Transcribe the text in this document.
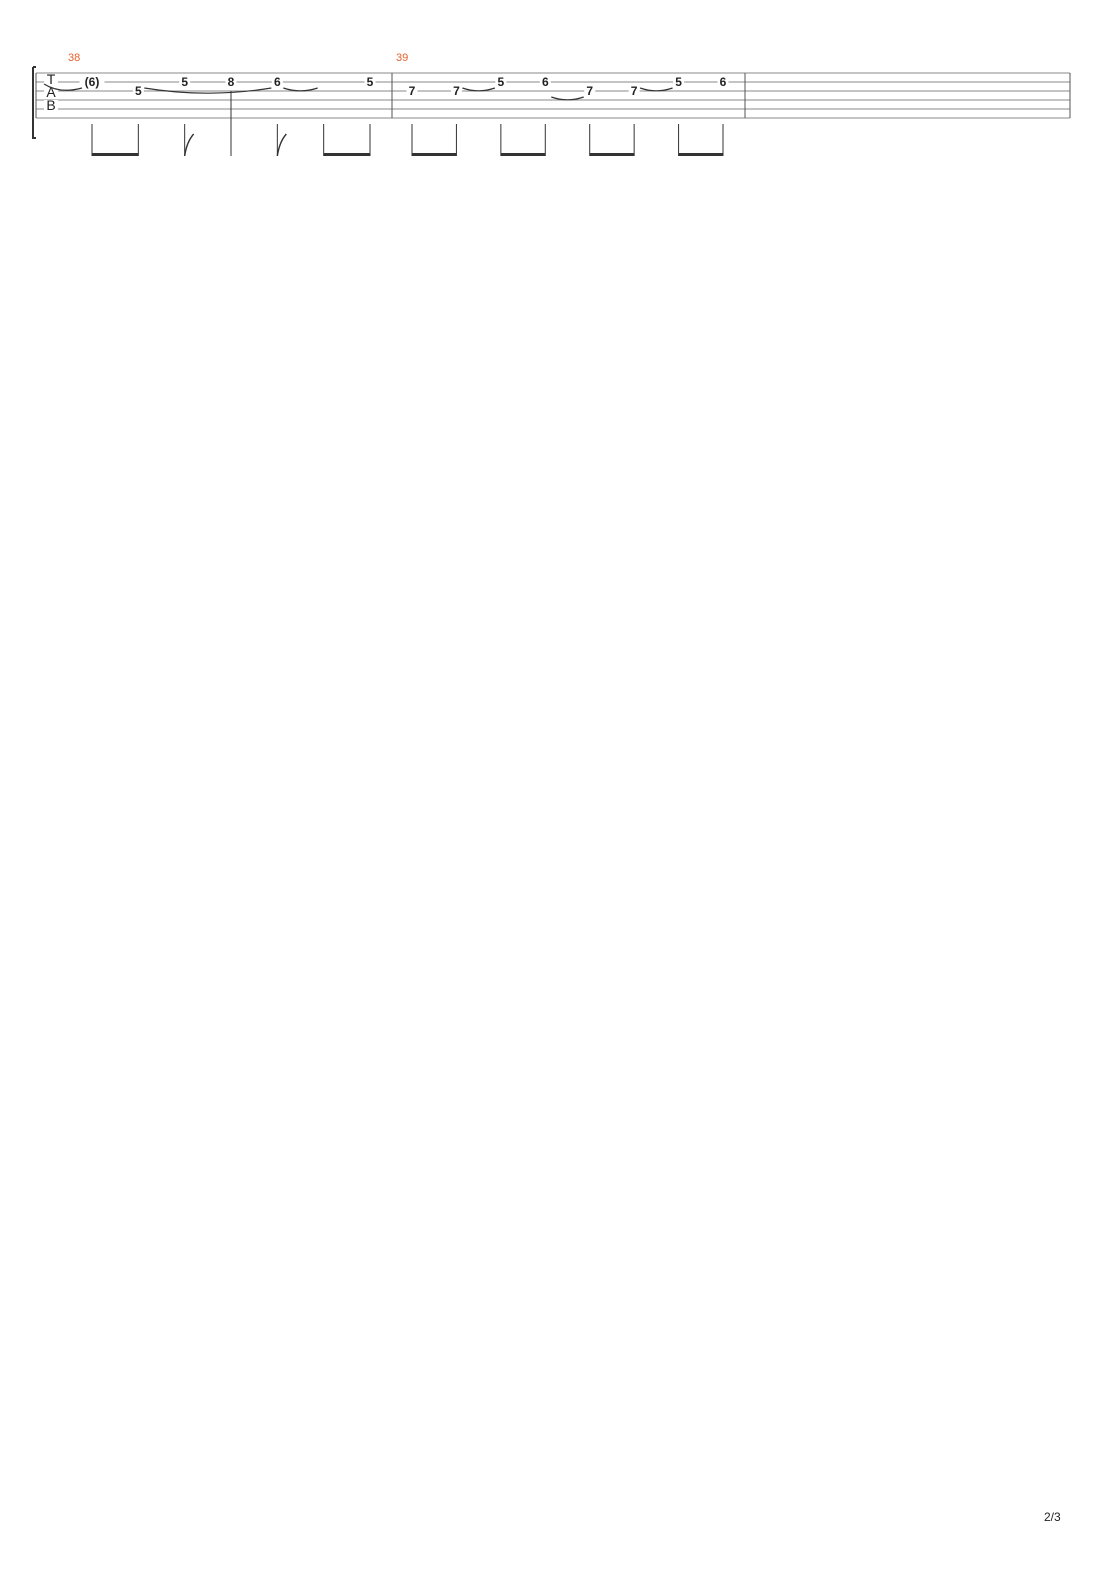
T
A
B
38
(6)
5
5	8	6	5
39
7	7
5	6
7	7
5	6
2/3
